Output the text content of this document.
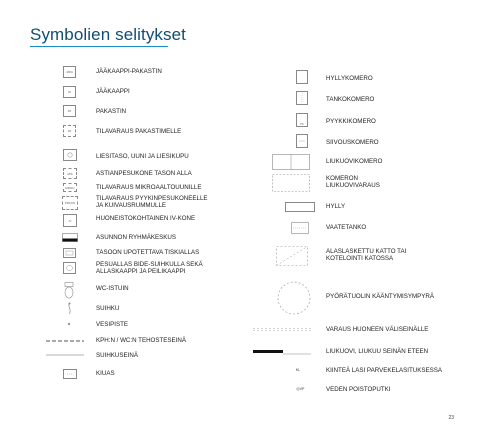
Symbolien selitykset
JÄPA	JÄÄKAAPPI-PAKASTIN
JK	JÄÄKAAPPI
PA	PAKASTIN
PA	TILAVARAUS PAKASTIMELLE
LIESITASO, UUNI JA LIESIKUPU
APK	ASTIANPESUKONE TASON ALLA
MIKRO	TILAVARAUS MIKROAALTOUUNILLE
PPK/KR
TILAVARAUS PYYKINPESUKONEELLE
JA KUIVAUSRUMMULLE
IV	HUONEISTOKOHTAINEN IV-KONE
ASUNNON RYHMÄKESKUS
TASOON UPOTETTAVA TISKIALLAS
PESUALLAS BIDE-SUIHKULLA SEKÄ
ALLASKAAPPI JA PEILIKAAPPI
WC-ISTUIN
SUIHKU
VESIPISTE
KPH:N / WC:N TEHOSTESEINÄ
SUIHKUSEINÄ
KIUAS
HYLLYKOMERO
TANKOKOMERO
PK	PYYKKIKOMERO
SIIVOUSKOMERO
LIUKUOVIKOMERO
KOMERON
LIUKUOVIVARAUS
HYLLY
VAATETANKO
ALASLASKETTU KATTO TAI
KOTELOINTI KATOSSA
PYÖRÄTUOLIN KÄÄNTYMISYMPYRÄ
VARAUS HUONEEN VÄLISEINÄLLE
LIUKUOVI, LIUKUU SEINÄN ETEEN
KL	KIINTEÄ LASI PARVEKELASITUKSESSA
VP	VEDEN POISTOPUTKI
23
